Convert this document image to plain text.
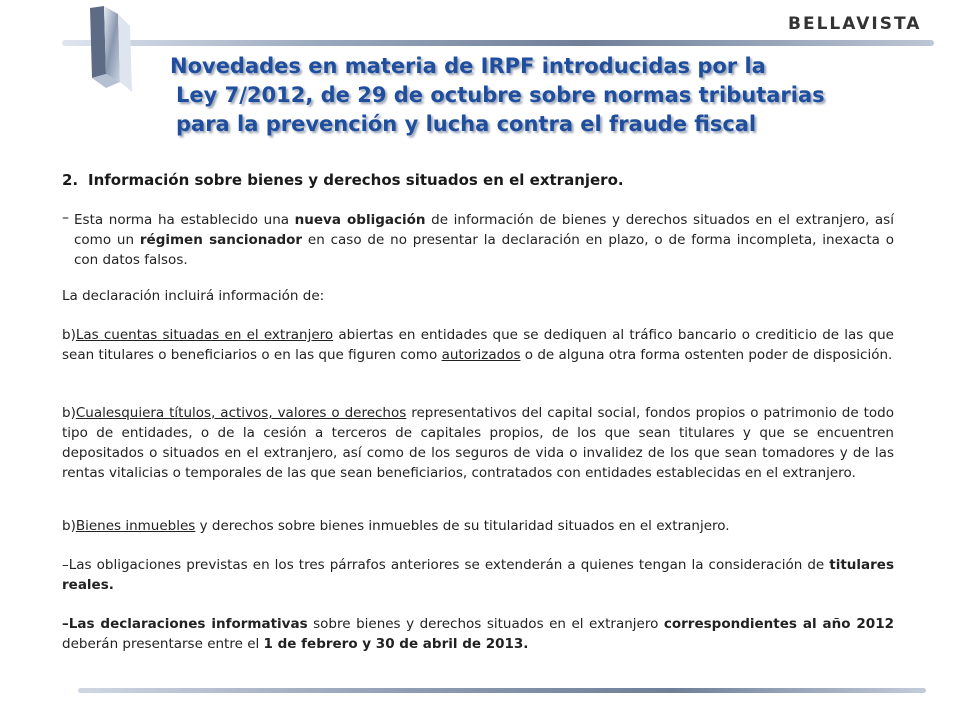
BELLAVISTA
Novedades en materia de IRPF introducidas por la
Ley 7/2012, de 29 de octubre sobre normas tributarias
para la prevención y lucha contra el fraude fiscal
2. Información sobre bienes y derechos situados en el extranjero.
– Esta norma ha establecido una nueva obligación de información de bienes y derechos situados en el extranjero, así como un régimen sancionador en caso de no presentar la declaración en plazo, o de forma incompleta, inexacta o con datos falsos.
La declaración incluirá información de:
b)Las cuentas situadas en el extranjero abiertas en entidades que se dediquen al tráfico bancario o crediticio de las que sean titulares o beneficiarios o en las que figuren como autorizados o de alguna otra forma ostenten poder de disposición.
b)Cualesquiera títulos, activos, valores o derechos representativos del capital social, fondos propios o patrimonio de todo tipo de entidades, o de la cesión a terceros de capitales propios, de los que sean titulares y que se encuentren depositados o situados en el extranjero, así como de los seguros de vida o invalidez de los que sean tomadores y de las rentas vitalicias o temporales de las que sean beneficiarios, contratados con entidades establecidas en el extranjero.
b)Bienes inmuebles y derechos sobre bienes inmuebles de su titularidad situados en el extranjero.
–Las obligaciones previstas en los tres párrafos anteriores se extenderán a quienes tengan la consideración de titulares reales.
–Las declaraciones informativas sobre bienes y derechos situados en el extranjero correspondientes al año 2012 deberán presentarse entre el 1 de febrero y 30 de abril de 2013.
